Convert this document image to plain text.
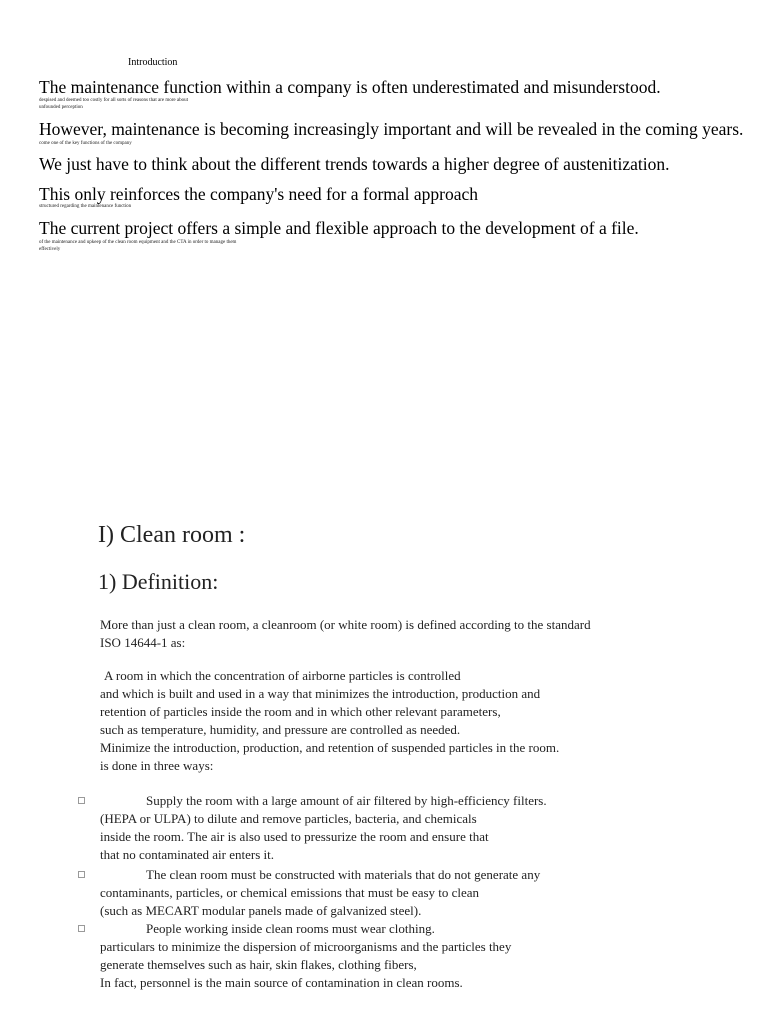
Introduction
The maintenance function within a company is often underestimated and misunderstood.
despised and deemed too costly for all sorts of reasons that are more about
unfounded perception
However, maintenance is becoming increasingly important and will be revealed in the coming years.
come one of the key functions of the company
We just have to think about the different trends towards a higher degree of austenitization.
This only reinforces the company's need for a formal approach
structured regarding the maintenance function
The current project offers a simple and flexible approach to the development of a file.
of the maintenance and upkeep of the clean room equipment and the CTA in order to manage them
effectively
I) Clean room :
1) Definition:
More than just a clean room, a cleanroom (or white room) is defined according to the standard
ISO 14644-1 as:
A room in which the concentration of airborne particles is controlled
and which is built and used in a way that minimizes the introduction, production and
retention of particles inside the room and in which other relevant parameters,
such as temperature, humidity, and pressure are controlled as needed.
Minimize the introduction, production, and retention of suspended particles in the room.
is done in three ways:
Supply the room with a large amount of air filtered by high-efficiency filters.
(HEPA or ULPA) to dilute and remove particles, bacteria, and chemicals
inside the room. The air is also used to pressurize the room and ensure that
that no contaminated air enters it.
The clean room must be constructed with materials that do not generate any
contaminants, particles, or chemical emissions that must be easy to clean
(such as MECART modular panels made of galvanized steel).
People working inside clean rooms must wear clothing.
particulars to minimize the dispersion of microorganisms and the particles they
generate themselves such as hair, skin flakes, clothing fibers,
In fact, personnel is the main source of contamination in clean rooms.
